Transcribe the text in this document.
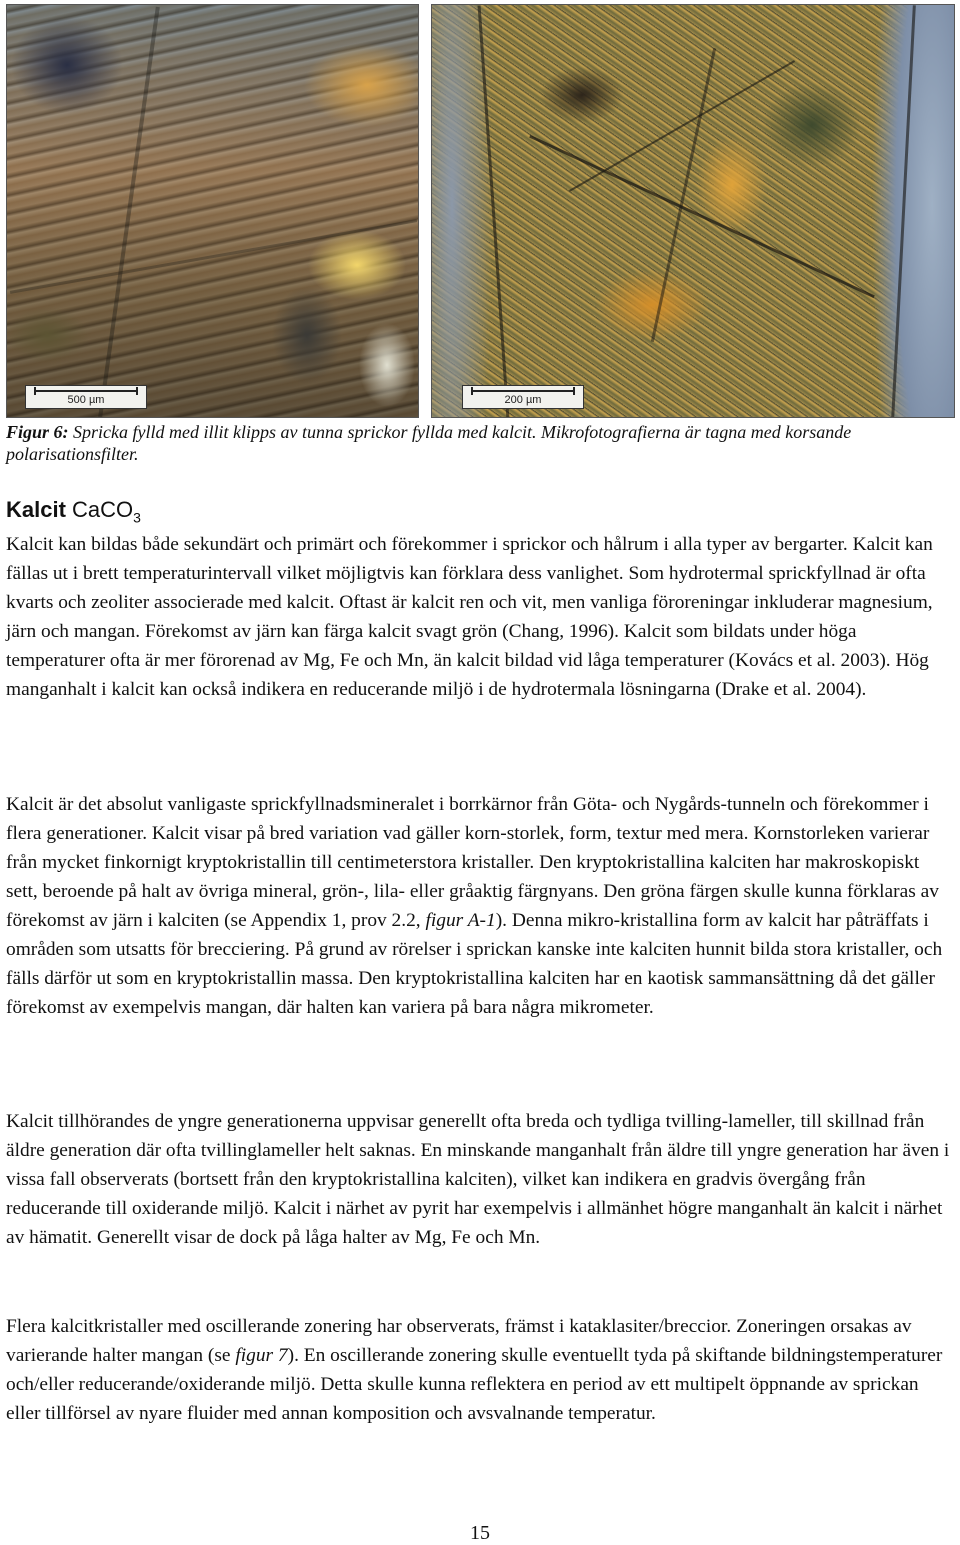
500 µm	200 µm
Figur 6: Spricka fylld med illit klipps av tunna sprickor fyllda med kalcit. Mikrofotografierna är tagna med korsande polarisationsfilter.
Kalcit CaCO$_3$

Kalcit kan bildas både sekundärt och primärt och förekommer i sprickor och hålrum i alla typer av bergarter. Kalcit kan fällas ut i brett temperaturintervall vilket möjligtvis kan förklara dess vanlighet. Som hydrotermal sprickfyllnad är ofta kvarts och zeoliter associerade med kalcit. Oftast är kalcit ren och vit, men vanliga föroreningar inkluderar magnesium, järn och mangan. Förekomst av järn kan färga kalcit svagt grön (Chang, 1996). Kalcit som bildats under höga temperaturer ofta är mer förorenad av Mg, Fe och Mn, än kalcit bildad vid låga temperaturer (Kovács et al. 2003). Hög manganhalt i kalcit kan också indikera en reducerande miljö i de hydrotermala lösningarna (Drake et al. 2004).

Kalcit är det absolut vanligaste sprickfyllnadsmineralet i borrkärnor från Göta- och Nygårds-tunneln och förekommer i flera generationer. Kalcit visar på bred variation vad gäller korn-storlek, form, textur med mera. Kornstorleken varierar från mycket finkornigt kryptokristallin till centimeterstora kristaller. Den kryptokristallina kalciten har makroskopiskt sett, beroende på halt av övriga mineral, grön-, lila- eller gråaktig färgnyans. Den gröna färgen skulle kunna förklaras av förekomst av järn i kalciten (se Appendix 1, prov 2.2, figur A-1). Denna mikro-kristallina form av kalcit har påträffats i områden som utsatts för brecciering. På grund av rörelser i sprickan kanske inte kalciten hunnit bilda stora kristaller, och fälls därför ut som en kryptokristallin massa. Den kryptokristallina kalciten har en kaotisk sammansättning då det gäller förekomst av exempelvis mangan, där halten kan variera på bara några mikrometer.

Kalcit tillhörandes de yngre generationerna uppvisar generellt ofta breda och tydliga tvilling-lameller, till skillnad från äldre generation där ofta tvillinglameller helt saknas. En minskande manganhalt från äldre till yngre generation har även i vissa fall observerats (bortsett från den kryptokristallina kalciten), vilket kan indikera en gradvis övergång från reducerande till oxiderande miljö. Kalcit i närhet av pyrit har exempelvis i allmänhet högre manganhalt än kalcit i närhet av hämatit. Generellt visar de dock på låga halter av Mg, Fe och Mn.

Flera kalcitkristaller med oscillerande zonering har observerats, främst i kataklasiter/breccior. Zoneringen orsakas av varierande halter mangan (se figur 7). En oscillerande zonering skulle eventuellt tyda på skiftande bildningstemperaturer och/eller reducerande/oxiderande miljö. Detta skulle kunna reflektera en period av ett multipelt öppnande av sprickan eller tillförsel av nyare fluider med annan komposition och avsvalnande temperatur.

15
